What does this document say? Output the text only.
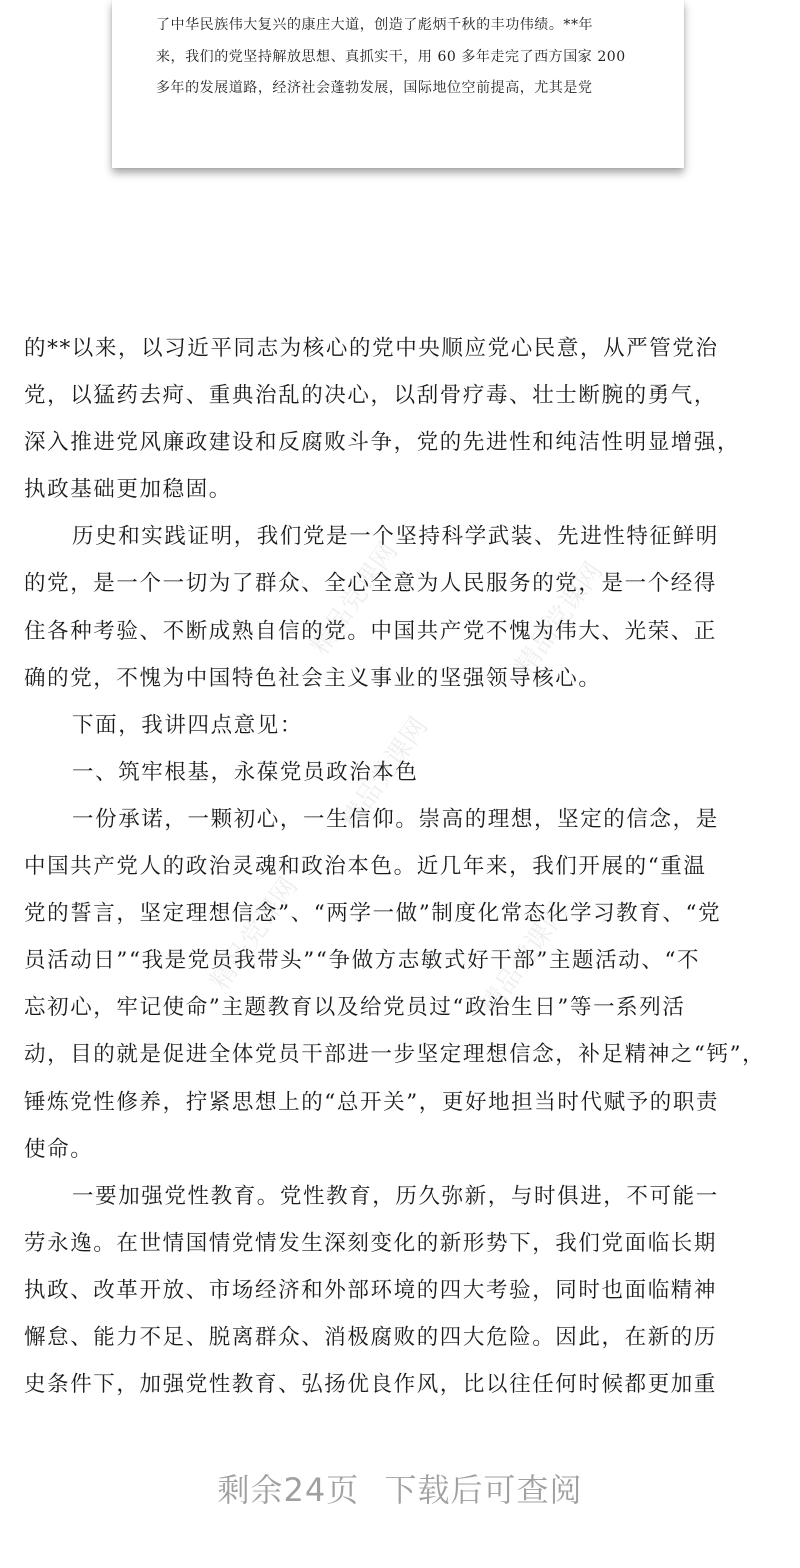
了中华民族伟大复兴的康庄大道，创造了彪炳千秋的丰功伟绩。**年
来，我们的党坚持解放思想、真抓实干，用 60 多年走完了西方国家 200
多年的发展道路，经济社会蓬勃发展，国际地位空前提高，尤其是党
精品党课网	精品党课网
精品党课网
精品党课网	精品党课网
的**以来，以习近平同志为核心的党中央顺应党心民意，从严管党治
党，以猛药去疴、重典治乱的决心，以刮骨疗毒、壮士断腕的勇气，
深入推进党风廉政建设和反腐败斗争，党的先进性和纯洁性明显增强，
执政基础更加稳固。
历史和实践证明，我们党是一个坚持科学武装、先进性特征鲜明
的党，是一个一切为了群众、全心全意为人民服务的党，是一个经得
住各种考验、不断成熟自信的党。中国共产党不愧为伟大、光荣、正
确的党，不愧为中国特色社会主义事业的坚强领导核心。
下面，我讲四点意见：
一、筑牢根基，永葆党员政治本色
一份承诺，一颗初心，一生信仰。崇高的理想，坚定的信念，是
中国共产党人的政治灵魂和政治本色。近几年来，我们开展的“重温
党的誓言，坚定理想信念”、“两学一做”制度化常态化学习教育、“党
员活动日”“我是党员我带头”“争做方志敏式好干部”主题活动、“不
忘初心，牢记使命”主题教育以及给党员过“政治生日”等一系列活
动，目的就是促进全体党员干部进一步坚定理想信念，补足精神之“钙”，
锤炼党性修养，拧紧思想上的“总开关”，更好地担当时代赋予的职责
使命。
一要加强党性教育。党性教育，历久弥新，与时俱进，不可能一
劳永逸。在世情国情党情发生深刻变化的新形势下，我们党面临长期
执政、改革开放、市场经济和外部环境的四大考验，同时也面临精神
懈怠、能力不足、脱离群众、消极腐败的四大危险。因此，在新的历
史条件下，加强党性教育、弘扬优良作风，比以往任何时候都更加重
剩余24页 下载后可查阅
